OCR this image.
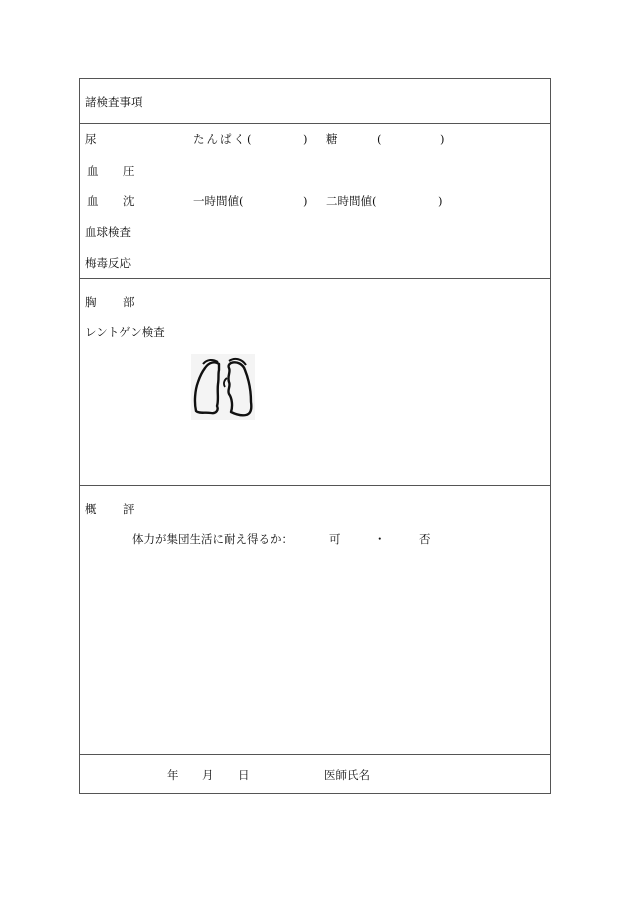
諸検査事項
尿	たんぱく(	) 糖	(	)
血 圧
血 沈	一時間値(	) 二時間値(	)
血球検査
梅毒反応
胸 部
レントゲン検査
概 評
体力が集団生活に耐え得るか：	可	・	否
年 月 日	医師氏名
